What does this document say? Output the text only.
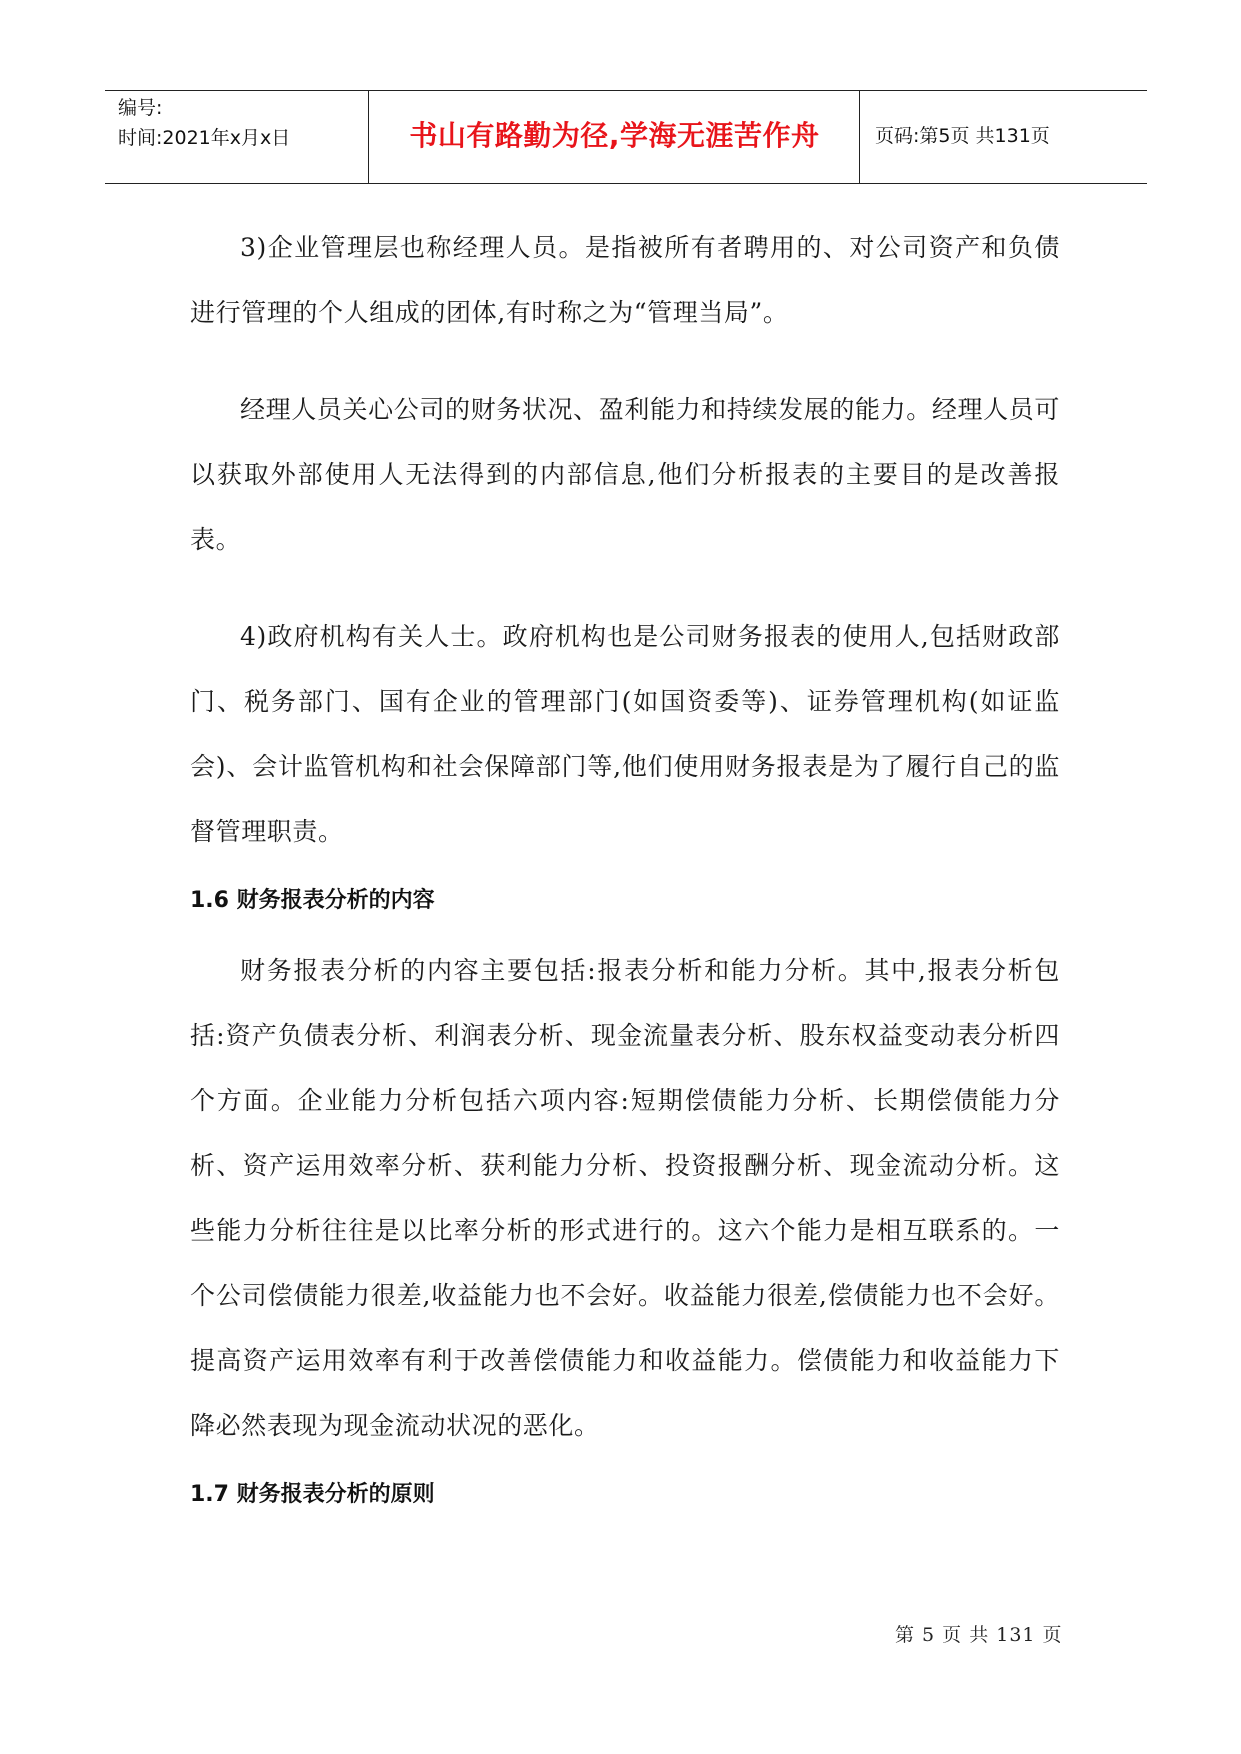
编号:
时间:2021年x月x日	书山有路勤为径,学海无涯苦作舟	页码:第5页 共131页

3)企业管理层也称经理人员。是指被所有者聘用的、对公司资产和负债进行管理的个人组成的团体,有时称之为“管理当局”。

经理人员关心公司的财务状况、盈利能力和持续发展的能力。经理人员可以获取外部使用人无法得到的内部信息,他们分析报表的主要目的是改善报表。

4)政府机构有关人士。政府机构也是公司财务报表的使用人,包括财政部门、税务部门、国有企业的管理部门(如国资委等)、证券管理机构(如证监会)、会计监管机构和社会保障部门等,他们使用财务报表是为了履行自己的监督管理职责。

1.6 财务报表分析的内容

财务报表分析的内容主要包括:报表分析和能力分析。其中,报表分析包括:资产负债表分析、利润表分析、现金流量表分析、股东权益变动表分析四个方面。企业能力分析包括六项内容:短期偿债能力分析、长期偿债能力分析、资产运用效率分析、获利能力分析、投资报酬分析、现金流动分析。这些能力分析往往是以比率分析的形式进行的。这六个能力是相互联系的。一个公司偿债能力很差,收益能力也不会好。收益能力很差,偿债能力也不会好。提高资产运用效率有利于改善偿债能力和收益能力。偿债能力和收益能力下降必然表现为现金流动状况的恶化。

1.7 财务报表分析的原则
第 5 页 共 131 页
